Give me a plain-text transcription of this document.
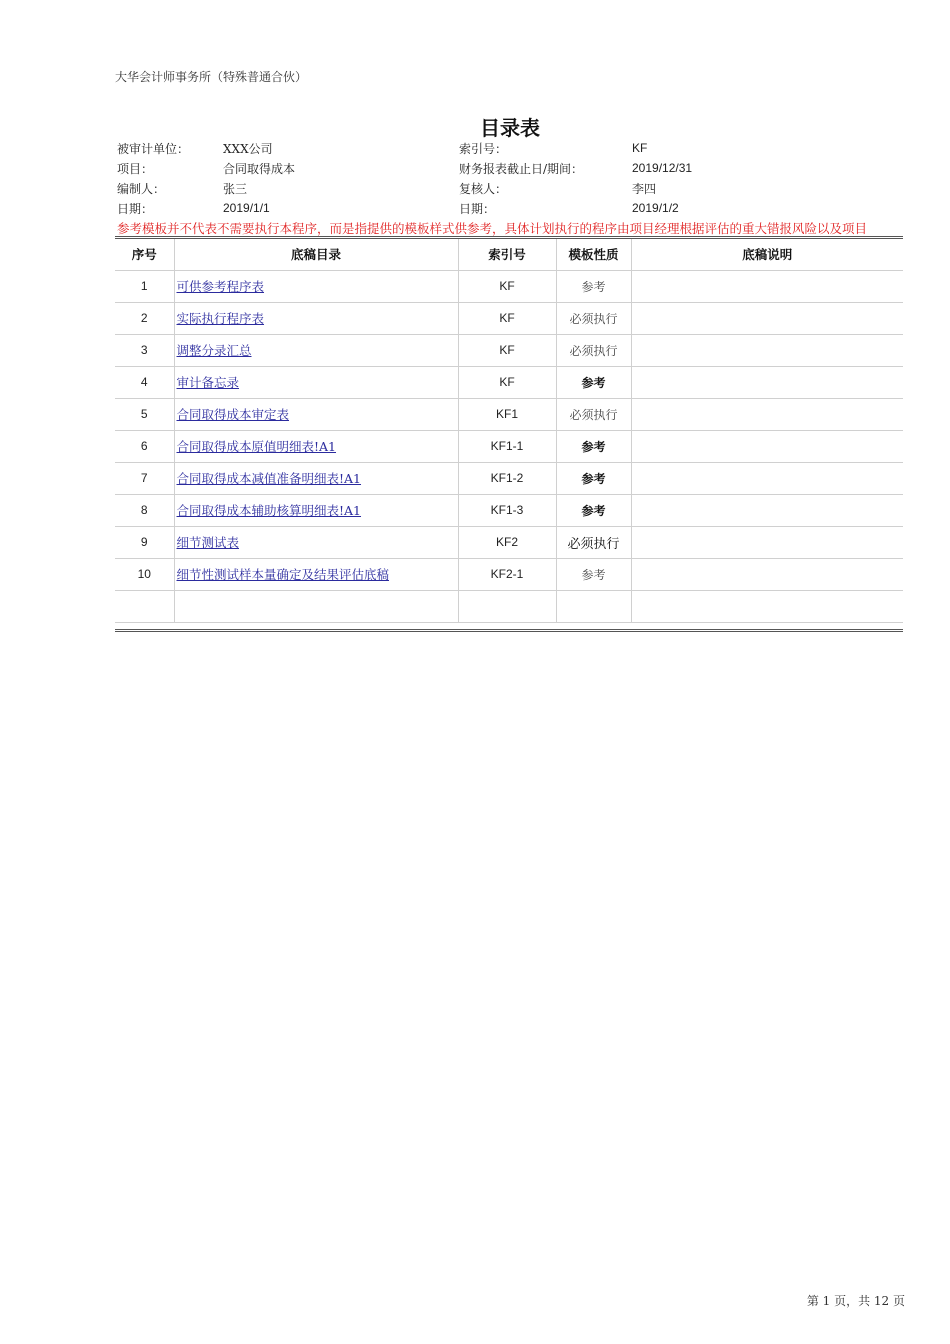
大华会计师事务所（特殊普通合伙）
目录表
被审计单位：	XXX公司	索引号：	KF
项目：	合同取得成本	财务报表截止日/期间：	2019/12/31
编制人：	张三	复核人：	李四
日期：	2019/1/1	日期：	2019/1/2
参考模板并不代表不需要执行本程序，而是指提供的模板样式供参考，具体计划执行的程序由项目经理根据评估的重大错报风险以及项目
序号	底稿目录	索引号	模板性质	底稿说明
1	可供参考程序表	KF	参考	
2	实际执行程序表	KF	必须执行	
3	调整分录汇总	KF	必须执行	
4	审计备忘录	KF	参考	
5	合同取得成本审定表	KF1	必须执行	
6	合同取得成本原值明细表!A1	KF1-1	参考	
7	合同取得成本减值准备明细表!A1	KF1-2	参考	
8	合同取得成本辅助核算明细表!A1	KF1-3	参考	
9	细节测试表	KF2	必须执行	
10	细节性测试样本量确定及结果评估底稿	KF2-1	参考	

第 1 页，共 12 页
